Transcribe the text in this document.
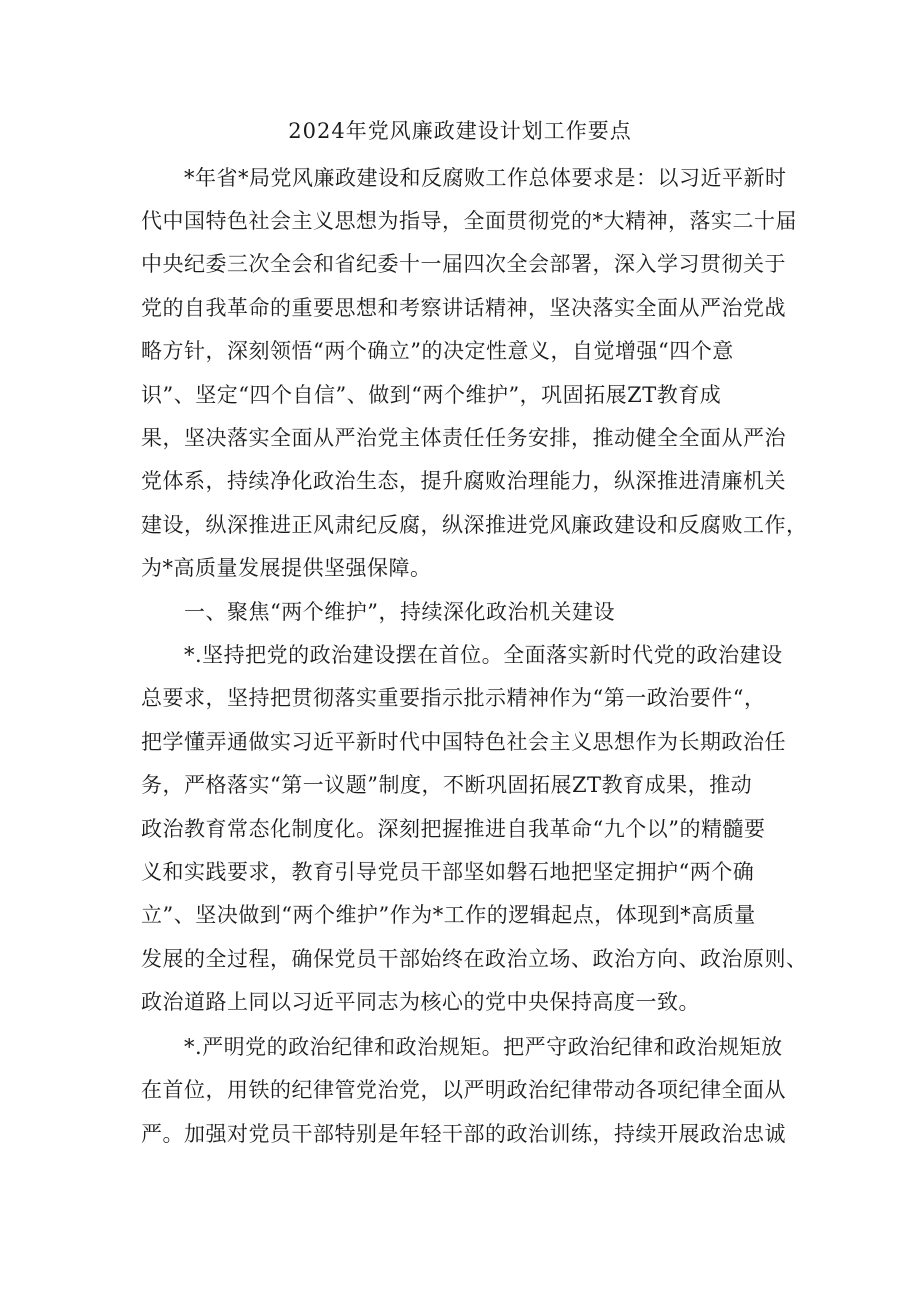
2024年党风廉政建设计划工作要点
*年省*局党风廉政建设和反腐败工作总体要求是：以习近平新时
代中国特色社会主义思想为指导，全面贯彻党的*大精神，落实二十届
中央纪委三次全会和省纪委十一届四次全会部署，深入学习贯彻关于
党的自我革命的重要思想和考察讲话精神，坚决落实全面从严治党战
略方针，深刻领悟“两个确立”的决定性意义，自觉增强“四个意
识”、坚定“四个自信”、做到“两个维护”，巩固拓展ZT教育成
果，坚决落实全面从严治党主体责任任务安排，推动健全全面从严治
党体系，持续净化政治生态，提升腐败治理能力，纵深推进清廉机关
建设，纵深推进正风肃纪反腐，纵深推进党风廉政建设和反腐败工作，
为*高质量发展提供坚强保障。
一、聚焦“两个维护”，持续深化政治机关建设
*.坚持把党的政治建设摆在首位。全面落实新时代党的政治建设
总要求，坚持把贯彻落实重要指示批示精神作为“第一政治要件“，
把学懂弄通做实习近平新时代中国特色社会主义思想作为长期政治任
务，严格落实“第一议题”制度，不断巩固拓展ZT教育成果，推动
政治教育常态化制度化。深刻把握推进自我革命“九个以”的精髓要
义和实践要求，教育引导党员干部坚如磐石地把坚定拥护“两个确
立”、坚决做到“两个维护”作为*工作的逻辑起点，体现到*高质量
发展的全过程，确保党员干部始终在政治立场、政治方向、政治原则、
政治道路上同以习近平同志为核心的党中央保持高度一致。
*.严明党的政治纪律和政治规矩。把严守政治纪律和政治规矩放
在首位，用铁的纪律管党治党，以严明政治纪律带动各项纪律全面从
严。加强对党员干部特别是年轻干部的政治训练，持续开展政治忠诚
